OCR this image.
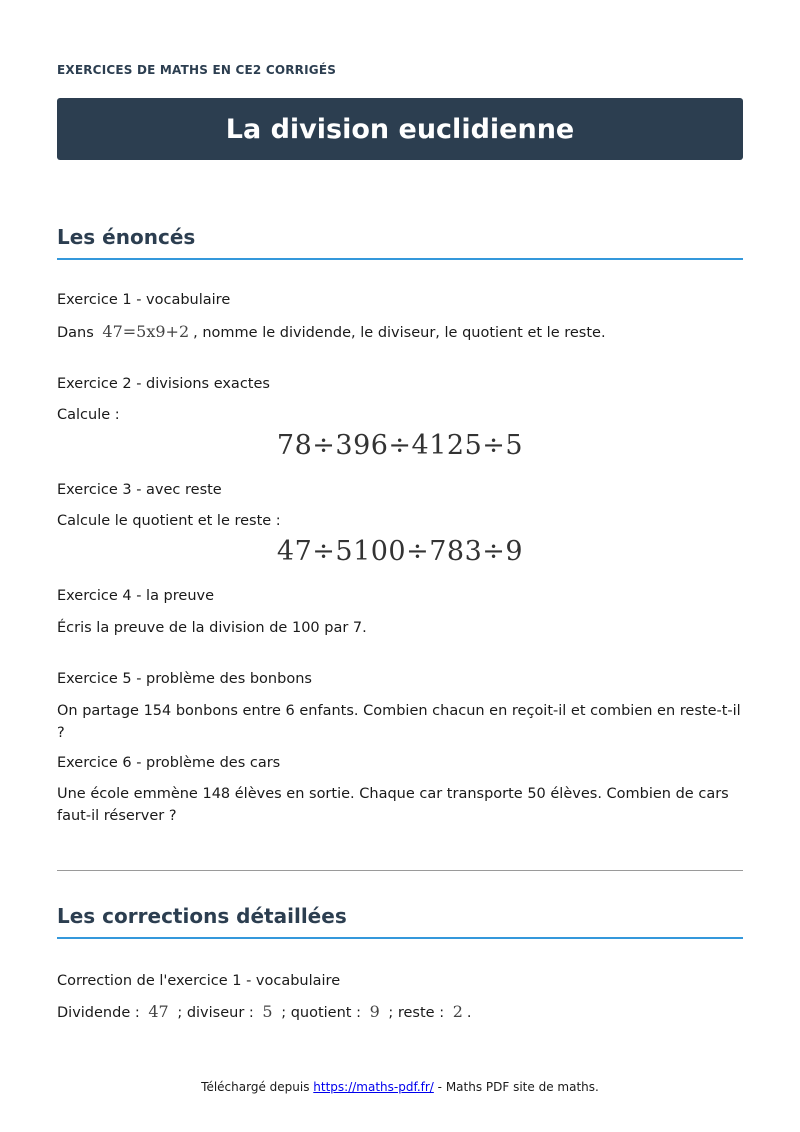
EXERCICES DE MATHS EN CE2 CORRIGÉS
La division euclidienne
Les énoncés

Exercice 1 - vocabulaire

Dans 47=5x9+2 , nomme le dividende, le diviseur, le quotient et le reste.

Exercice 2 - divisions exactes

Calcule :

78÷396÷4125÷5

Exercice 3 - avec reste

Calcule le quotient et le reste :

47÷5100÷783÷9

Exercice 4 - la preuve

Écris la preuve de la division de 100 par 7.

Exercice 5 - problème des bonbons

On partage 154 bonbons entre 6 enfants. Combien chacun en reçoit-il et combien en reste-t-il ?

Exercice 6 - problème des cars

Une école emmène 148 élèves en sortie. Chaque car transporte 50 élèves. Combien de cars faut-il réserver ?

Les corrections détaillées

Correction de l'exercice 1 - vocabulaire

Dividende : 47 ; diviseur : 5 ; quotient : 9 ; reste : 2 .

Téléchargé depuis https://maths-pdf.fr/ - Maths PDF site de maths.
